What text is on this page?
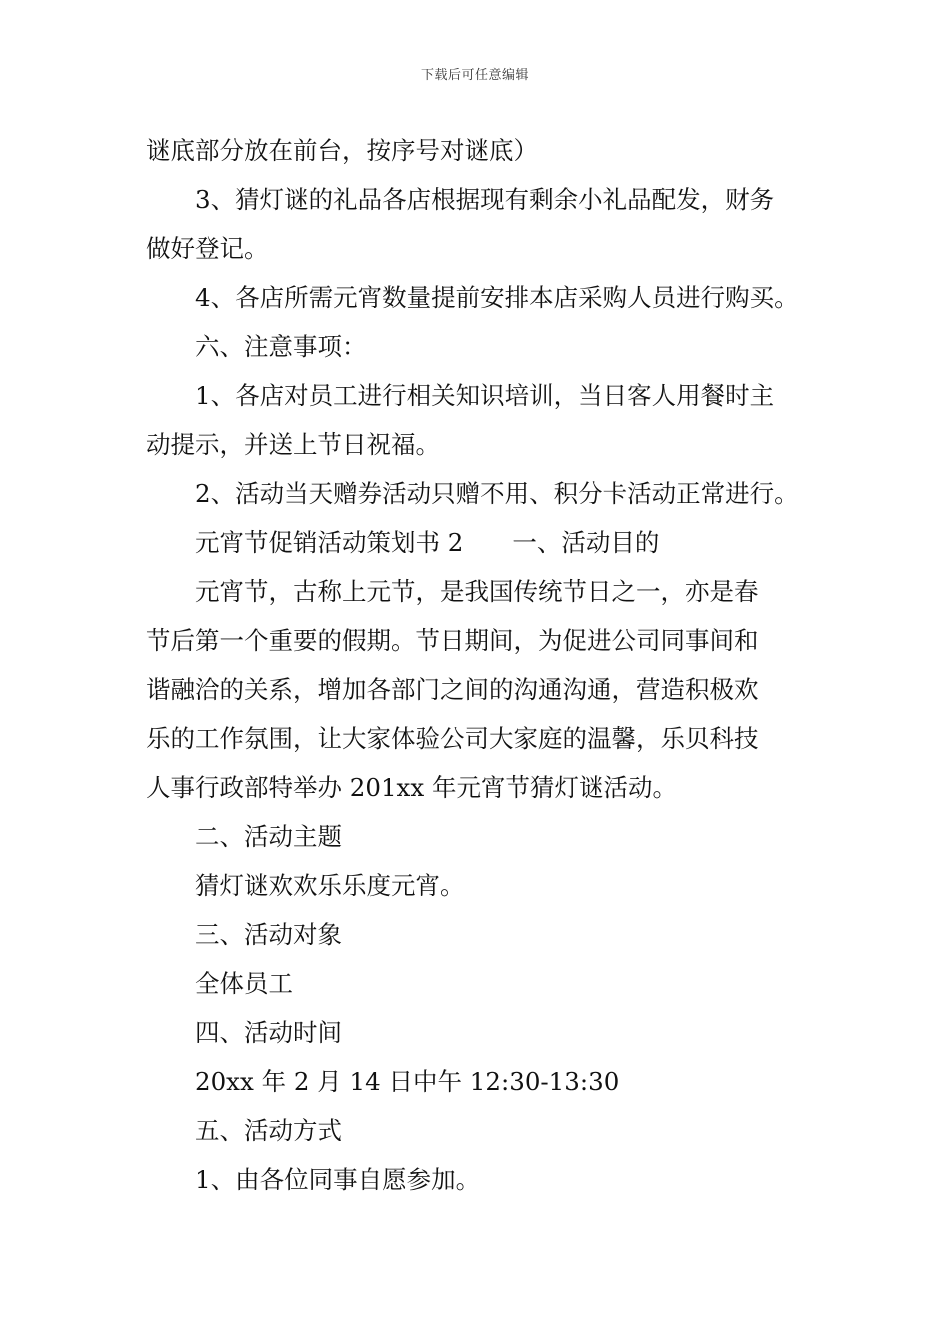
下载后可任意编辑
谜底部分放在前台，按序号对谜底）
3、猜灯谜的礼品各店根据现有剩余小礼品配发，财务
做好登记。
4、各店所需元宵数量提前安排本店采购人员进行购买。
六、注意事项：
1、各店对员工进行相关知识培训，当日客人用餐时主
动提示，并送上节日祝福。
2、活动当天赠券活动只赠不用、积分卡活动正常进行。
元宵节促销活动策划书 2　　一、活动目的
元宵节，古称上元节，是我国传统节日之一，亦是春
节后第一个重要的假期。节日期间，为促进公司同事间和
谐融洽的关系，增加各部门之间的沟通沟通，营造积极欢
乐的工作氛围，让大家体验公司大家庭的温馨，乐贝科技
人事行政部特举办 201xx 年元宵节猜灯谜活动。
二、活动主题
猜灯谜欢欢乐乐度元宵。
三、活动对象
全体员工
四、活动时间
20xx 年 2 月 14 日中午 12:30-13:30
五、活动方式
1、由各位同事自愿参加。
